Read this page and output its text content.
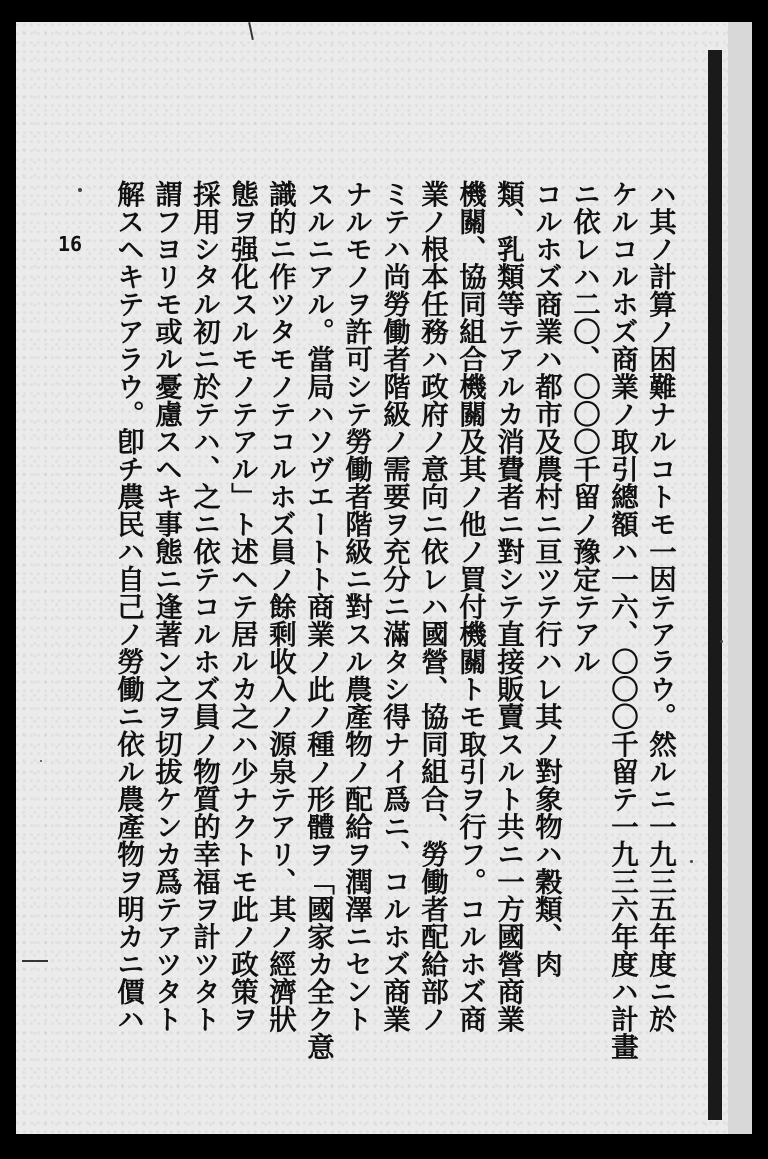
16	ハ其ノ計算ノ困難ナルコトモ一因テアラウ。然ルニ一九三五年度ニ於
ケルコルホズ商業ノ取引總額ハ一六、〇〇〇千留テ一九三六年度ハ計畫
ニ依レハ二〇、〇〇〇千留ノ豫定テアル
コルホズ商業ハ都市及農村ニ亘ツテ行ハレ其ノ對象物ハ穀類、肉
類、乳類等テアルカ消費者ニ對シテ直接販賣スルト共ニ一方國營商業
機關、協同組合機關及其ノ他ノ買付機關トモ取引ヲ行フ。コルホズ商
業ノ根本任務ハ政府ノ意向ニ依レハ國營、協同組合、勞働者配給部ノ
ミテハ尚勞働者階級ノ需要ヲ充分ニ滿タシ得ナイ爲ニ、コルホズ商業
ナルモノヲ許可シテ勞働者階級ニ對スル農產物ノ配給ヲ潤澤ニセント
スルニアル。當局ハソヴエートト商業ノ此ノ種ノ形體ヲ「國家カ全ク意
識的ニ作ツタモノテコルホズ員ノ餘剩收入ノ源泉テアリ、其ノ經濟狀
態ヲ强化スルモノテアル」ト述ヘテ居ルカ之ハ少ナクトモ此ノ政策ヲ
採用シタル初ニ於テハ、之ニ依テコルホズ員ノ物質的幸福ヲ計ツタト
謂フヨリモ或ル憂慮スヘキ事態ニ逢著ン之ヲ切拔ケンカ爲テアツタト
解スヘキテアラウ。卽チ農民ハ自己ノ勞働ニ依ル農產物ヲ明カニ價ハ
